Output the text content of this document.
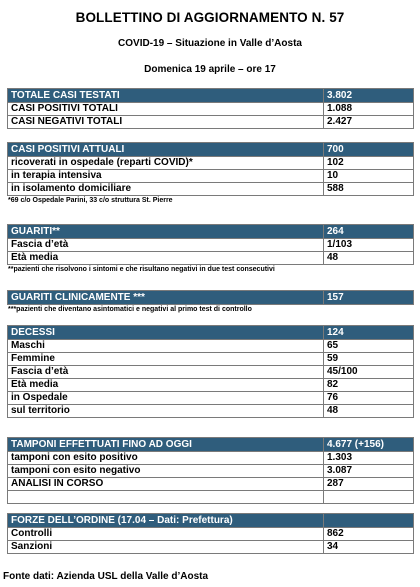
BOLLETTINO DI AGGIORNAMENTO N. 57
COVID-19 – Situazione in Valle d’Aosta
Domenica 19 aprile – ore 17
TOTALE CASI TESTATI	3.802
CASI POSITIVI TOTALI	1.088
CASI NEGATIVI TOTALI	2.427
CASI POSITIVI ATTUALI	700
ricoverati in ospedale (reparti COVID)*	102
in terapia intensiva	10
in isolamento domiciliare	588
*69 c/o Ospedale Parini, 33 c/o struttura St. Pierre
GUARITI**	264
Fascia d’età	1/103
Età media	48
**pazienti che risolvono i sintomi e che risultano negativi in due test consecutivi
GUARITI CLINICAMENTE ***	157
***pazienti che diventano asintomatici e negativi al primo test di controllo
DECESSI	124
Maschi	65
Femmine	59
Fascia d’età	45/100
Età media	82
in Ospedale	76
sul territorio	48
TAMPONI EFFETTUATI FINO AD OGGI	4.677 (+156)
tamponi con esito positivo	1.303
tamponi con esito negativo	3.087
ANALISI IN CORSO	287

FORZE DELL’ORDINE (17.04 – Dati: Prefettura)	
Controlli	862
Sanzioni	34
Fonte dati: Azienda USL della Valle d’Aosta
